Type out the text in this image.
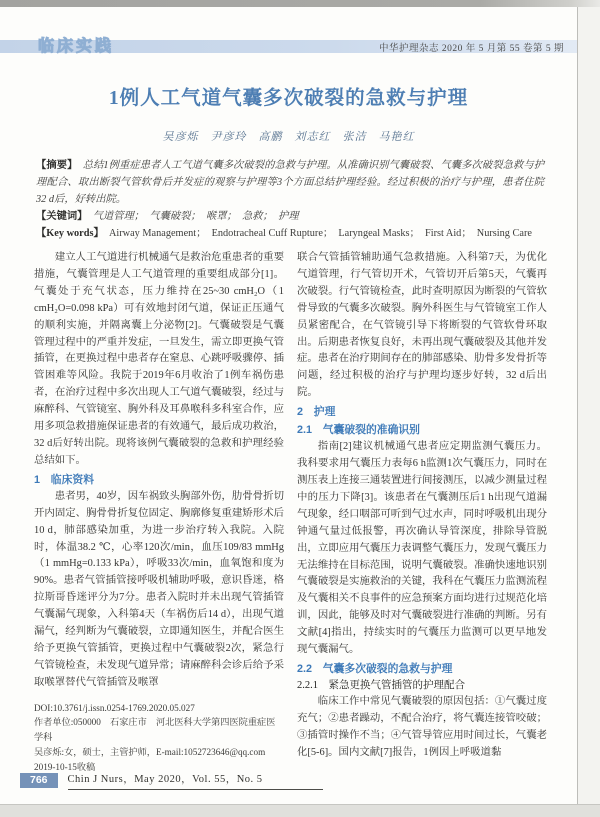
临床实践	中华护理杂志 2020 年 5 月第 55 卷第 5 期
1例人工气道气囊多次破裂的急救与护理
吴彦烁　尹彦玲　高鹏　刘志红　张洁　马艳红

【摘要】　 总结1例重症患者人工气道气囊多次破裂的急救与护理。从准确识别气囊破裂、气囊多次破裂急救与护理配合、取出断裂气管软骨后并发症的观察与护理等3个方面总结护理经验。经过积极的治疗与护理，患者住院32 d后，好转出院。

【关键词】　 气道管理；　气囊破裂；　喉罩；　急救；　护理

【Key words】　 Airway Management；　Endotracheal Cuff Rupture；　Laryngeal Masks；　First Aid；　Nursing Care

建立人工气道进行机械通气是救治危重患者的重要措施，气囊管理是人工气道管理的重要组成部分[1]。气囊处于充气状态，压力维持在25~30 cmH₂O（1 cmH₂O=0.098 kPa）可有效地封闭气道，保证正压通气的顺利实施，并隔离囊上分泌物[2]。气囊破裂是气囊管理过程中的严重并发症，一旦发生，需立即更换气管插管，在更换过程中患者存在窒息、心跳呼吸骤停、插管困难等风险。我院于2019年6月收治了1例车祸伤患者，在治疗过程中多次出现人工气道气囊破裂，经过与麻醉科、气管镜室、胸外科及耳鼻喉科多科室合作，应用多项急救措施保证患者的有效通气，最后成功救治，32 d后好转出院。现将该例气囊破裂的急救和护理经验总结如下。

1　临床资料

患者男，40岁，因车祸致头胸部外伤，肋骨骨折切开内固定、胸骨骨折复位固定、胸廓修复重建矫形术后10 d，肺部感染加重，为进一步治疗转入我院。入院时，体温38.2 ℃，心率120次/min，血压109/83 mmHg（1 mmHg=0.133 kPa），呼吸33次/min，血氧饱和度为90%。患者气管插管接呼吸机辅助呼吸，意识昏迷，格拉斯哥昏迷评分为7分。患者入院时并未出现气管插管气囊漏气现象，入科第4天（车祸伤后14 d），出现气道漏气，经判断为气囊破裂，立即通知医生，并配合医生给予更换气管插管，更换过程中气囊破裂2次，紧急行气管镜检查，未发现气道异常；请麻醉科会诊后给予采取喉罩替代气管插管及喉罩

DOI:10.3761/j.issn.0254-1769.2020.05.027

作者单位:050000　石家庄市　河北医科大学第四医院重症医学科

吴彦烁:女，硕士，主管护师，E-mail:1052723646@qq.com

2019-10-15收稿

联合气管插管辅助通气急救措施。入科第7天，为优化气道管理，行气管切开术，气管切开后第5天，气囊再次破裂。行气管镜检查，此时查明原因为断裂的气管软骨导致的气囊多次破裂。胸外科医生与气管镜室工作人员紧密配合，在气管镜引导下将断裂的气管软骨环取出。后期患者恢复良好，未再出现气囊破裂及其他并发症。患者在治疗期间存在的肺部感染、肋骨多发骨折等问题，经过积极的治疗与护理均逐步好转，32 d后出院。

2　护理
2.1　气囊破裂的准确识别

指南[2]建议机械通气患者应定期监测气囊压力。我科要求用气囊压力表每6 h监测1次气囊压力，同时在测压表上连接三通装置进行间接测压，以减少测量过程中的压力下降[3]。该患者在气囊测压后1 h出现气道漏气现象，经口咽部可听到气过水声，同时呼吸机出现分钟通气量过低报警，再次确认导管深度，排除导管脱出，立即应用气囊压力表调整气囊压力，发现气囊压力无法维持在目标范围，说明气囊破裂。准确快速地识别气囊破裂是实施救治的关键，我科在气囊压力监测流程及气囊相关不良事件的应急预案方面均进行过规范化培训，因此，能够及时对气囊破裂进行准确的判断。另有文献[4]指出，持续实时的气囊压力监测可以更早地发现气囊漏气。

2.2　气囊多次破裂的急救与护理
2.2.1　紧急更换气管插管的护理配合

临床工作中常见气囊破裂的原因包括：①气囊过度充气；②患者躁动，不配合治疗，将气囊连接管咬破；③插管时操作不当；④气管导管应用时间过长，气囊老化[5-6]。国内文献[7]报告，1例因上呼吸道黏

766	Chin J Nurs，May 2020，Vol. 55，No. 5
